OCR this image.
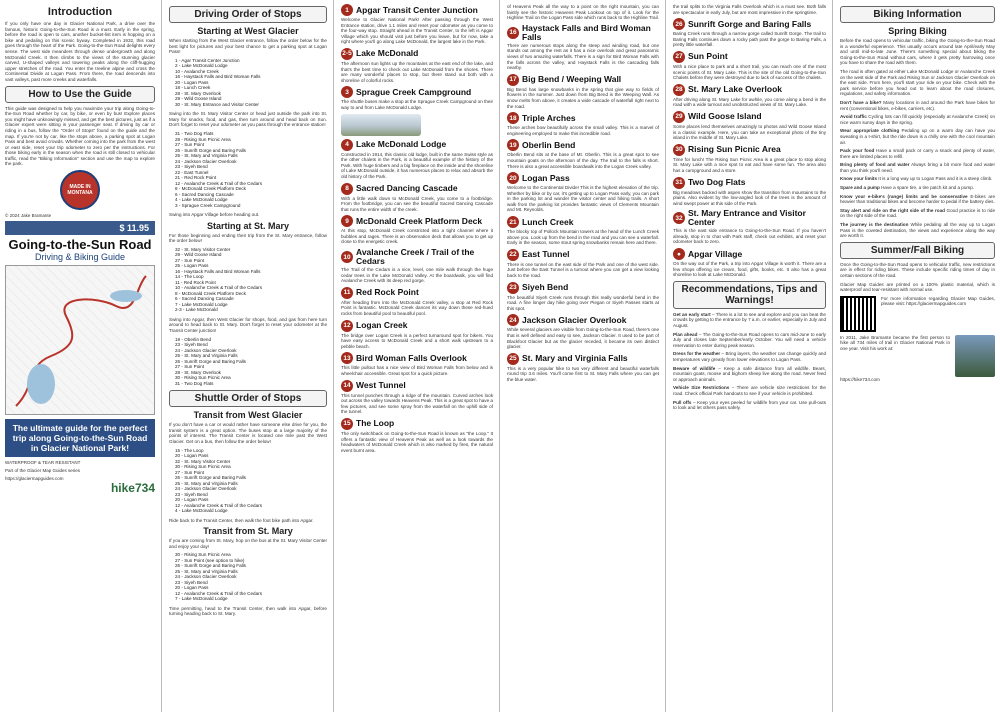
Introduction

If you only have one day in Glacier National Park, a drive over the famous, historic Going-to-the-Sun Road is a must. Early in the spring, before the road is open to cars, another bucket-list item is hopping on a bike and pedaling on this scenic byway. Completed in 1932, this road goes through the heart of the Park. Going-to-the-Sun Road delights every sense. The west side meanders through dense undergrowth and along McDonald Creek. It then climbs to the views of the stunning glacier carved, U-shaped valleys and towering peaks along the cliff-hugging upper stretches of the road. You enter the treeline alpine and cross the Continental Divide at Logan Pass. From there, the road descends into vast valleys, past more creeks and waterfalls.

How to Use the Guide

This guide was designed to help you maximize your trip along Going-to-the-Sun Road whether by car, by bike, or even by bus! Explore places you might have unknowingly missed, and get the best pictures, just as if a Glacier expert were sitting in your passenger seat. If driving by car or riding in a bus, follow the "Order of Stops" found on the guide and the map. If you're not by car, like the stops above, a parking spot at Logan Pass and best avoid crowds. Whether coming into the park from the west or east side, reset your trip odometer to zero per the instructions. For those biking early in the season when the road is still closed to vehicular traffic, read the "Biking Information" section and use the map to explore the park.

MADE IN MONTANA
© 2024 Jake Bramante
$ 11.95
Going-to-the-Sun Road
Driving & Biking Guide
The ultimate guide for the perfect trip along Going-to-the-Sun Road in Glacier National Park!
WATERPROOF & TEAR RESISTANT
Part of the Glacier Map Guides series
https://glaciermapguides.com
hike734
Driving Order of Stops
Starting at West Glacier

When starting from the West Glacier entrance, follow the order below for the best light for pictures and your best chance to get a parking spot at Logan Pass!

1 - Agar Transit Center Junction
2 - Lake McDonald Lodge
10 - Avalanche Creek
16 - Haystack Falls and Bird Woman Falls
20 - Logan Pass
18 - Lunch Creek
28 - St. Mary Overlook
29 - Wild Goose Island
30 - St. Mary Entrance and Visitor Center

Swing into the St. Mary Visitor Center or head just outside the park into St. Mary for snacks, food, and gas, then turn around and head back on Sun. Don't forget to reset your odometer as you pass through the entrance station!

31 - Two Dog Flats
28 - Rising Sun Picnic Area
27 - Sun Point
26 - Sunrift Gorge and Baring Falls
25 - St. Mary and Virginia Falls
24 - Jackson Glacier Overlook
23 - Siyeh Bend
22 - East Tunnel
21 - Red Rock Point
12 - Avalanche Creek & Trail of the Cedars
8 - McDonald Creek Platform Deck
6 - Sacred Dancing Cascade
4 - Lake McDonald Lodge
3 - Sprague Creek Campground

Swing into Apgar Village before heading out.

Starting at St. Mary

For those beginning and ending their trip from the St. Mary entrance, follow the order below!

32 - St. Mary Visitor Center
29 - Wild Goose Island
27 - Sun Point
25 - Logan Pass
16 - Haystack Falls and Bird Woman Falls
14 - The Loop
11 - Red Rock Point
10 - Avalanche Creek & Trail of the Cedars
8 - McDonald Creek Platform Deck
6 - Sacred Dancing Cascade
7 - Lake McDonald Lodge
2-3 - Lake McDonald

Swing into Apgar, then West Glacier for shops, food, and gas from here turn around to head back to St. Mary. Don't forget to reset your odometer at the Transit Center junction!

19 - Oberlin Bend
23 - Siyeh Bend
24 - Jackson Glacier Overlook
25 - St. Mary and Virginia Falls
26 - Sunrift Gorge and Baring Falls
27 - Sun Point
28 - St. Mary Overlook
30 - Rising Sun Picnic Area
31 - Two Dog Flats
Shuttle Order of Stops
Transit from West Glacier

If you don't have a car or would rather have someone else drive for you, the transit system is a great option. The buses stop at a large majority of the points of interest. The Transit Center is located one mile past the West Glacier. Get on a bus, then follow the order below!

15 - The Loop
20 - Logan Pass
32 - St. Mary Visitor Center
30 - Rising Sun Picnic Area
27 - Sun Point
26 - Sunrift Gorge and Baring Falls
25 - St. Mary and Virginia Falls
24 - Jackson Glacier Overlook
23 - Siyeh Bend
20 - Logan Pass
12 - Avalanche Creek & Trail of the Cedars
4 - Lake McDonald Lodge

Ride back to the Transit Center, then walk the foot bike path into Apgar.

Transit from St. Mary

If you are coming from St. Mary, hop on the bus at the St. Mary Visitor Center and enjoy your day!

30 - Rising Sun Picnic Area
27 - Sun Point (see option to hike)
26 - Sunrift Gorge and Baring Falls
25 - St. Mary and Virginia Falls
24 - Jackson Glacier Overlook
23 - Siyeh Bend
20 - Logan Pass
12 - Avalanche Creek & Trail of the Cedars
7 - Lake McDonald Lodge

Time permitting, head to the Transit Center, then walk into Apgar, before turning heading back to St. Mary.

1 Apgar Transit Center Junction

Welcome to Glacier National Park! After passing through the West Entrance station, drive 1.1 miles and reset your odometer as you come to the four-way stop. Straight ahead is the Transit Center, to the left is Apgar Village which you should visit just before you leave, but for now, take a right where you'll go along Lake McDonald, the largest lake in the Park.

2-5 Lake McDonald

The afternoon sun lights up the mountains at the east end of the lake, and that's the best time to check out Lake McDonald from the shores. There are many wonderful places to stop, but there stand out both with a shoreline of colorful rocks.

3 Sprague Creek Campground

The shuttle buses make a stop at the Sprague Creek Campground on their way to and from Lake McDonald Lodge.

4 Lake McDonald Lodge

Constructed in 1914, this classic old lodge, built in the same Swiss style as the other chalets in the Park, is a beautiful example of the history of the Park. With huge timbers and a big fireplace on the inside and the shoreline of Lake McDonald outside, it has numerous places to relax and absorb the old history of the Park.

8 Sacred Dancing Cascade

With a little walk down to McDonald Creek, you come to a footbridge. From the footbridge, you can see the beautiful Sacred Dancing Cascade that runs the entire width of the creek.

9 McDonald Creek Platform Deck

At this stop, McDonald Creek constricted into a tight channel where it bubbles and rages. There is an observation deck that allows you to get up close to the energetic creek.

10 Avalanche Creek / Trail of the Cedars

The Trail of the Cedars is a nice, level, one mile walk through the huge cedar trees in the Lake McDonald Valley. At the boardwalk, you will find Avalanche Creek with its deep red gorge.

11 Red Rock Point

After heading from into the McDonald Creek valley, a stop at Red Rock Point is fantastic. McDonald Creek dances its way down these red-hued rocks from beautiful pool to beautiful pool.

12 Logan Creek

The bridge over Logan Creek is a perfect turnaround spot for bikers. You have easy access to McDonald Creek and a short walk upstream to a pebble beach.

13 Bird Woman Falls Overlook

This little pullout has a nice view of Bird Woman Falls from below and is wheelchair accessible. Great spot for a quick picture.

14 West Tunnel

This tunnel punches through a ridge of the mountain. Curved arches look out across the valley towards Heavens Peak. This is a great spot to have a few pictures, and see some spray from the waterfall on the uphill side of the tunnel.

15 The Loop

The only switchback on Going-to-the-Sun Road is known as "the Loop." It offers a fantastic view of Heavens Peak as well as a look towards the headwaters of McDonald Creek which is also marked by fires, the natural event burnt area.

of Heavens Peak all the way to a point on the right mountain, you can faintly see the historic Heavens Peak Lookout on top of it. Look for the Highline Trail on the Logan Pass side which runs back to the Highline Trail.

16 Haystack Falls and Bird Woman Falls

There are numerous stops along the steep and winding road, but one stands out among the rest as it has a nice overlook and great panoramic views of two amazing waterfalls. There is a sign for Bird Woman Falls with the falls across the valley, and Haystack Falls is the cascading falls nearby.

17 Big Bend / Weeping Wall

Big Bend has large snowbanks in the spring that give way to fields of flowers in the summer. Just down from Big Bend is the Weeping Wall. As snow melts from above, it creates a wide cascade of waterfall right next to the road.

18 Triple Arches

These arches bow beautifully across the small valley. This is a marvel of engineering employed to make this incredible road.

19 Oberlin Bend

Oberlin Bend sits at the base of Mt. Oberlin. This is a great spot to see mountain goats on the afternoon of the day. The trail to the falls is short. There is also a great accessible boardwalk into the Logan Creek valley.

20 Logan Pass

Welcome to the Continental Divide! This is the highest elevation of the trip. Whether by bike or by car, it's getting up to Logan Pass early, you can park in the parking lot and wander the visitor center and hiking trails. A short walk from the parking lot provides fantastic views of Clements Mountain and Mt. Reynolds.

21 Lunch Creek

The blocky top of Pollock Mountain towers at the head of the Lunch Creek above you. Look up from the bend in the road and you can see a waterfall. Early in the season, some stout spring snowbanks remain here and there.

22 East Tunnel

There is one tunnel on the east side of the Park and one of the west side. Just before the East Tunnel is a turnout where you can get a view looking back to the road.

23 Siyeh Bend

The beautiful Siyeh Creek runs through this really wonderful bend in the road. A fine longer day hike going over Piegan or Siyeh Passes starts at this spot.

24 Jackson Glacier Overlook

While several glaciers are visible from Going-to-the-Sun Road, there's one that is well defined and easy to see, Jackson Glacier. It used to be part of Blackfoot Glacier but as the glacier receded, it became its own distinct glacier.

25 St. Mary and Virginia Falls

This is a very popular hike to two very different and beautiful waterfalls round trip 3.6 miles. You'll come first to St. Mary Falls where you can get the blue water.

the trail splits to the Virginia Falls Overlook which is a must see. Both falls are spectacular in early July, but are most impressive in the springtime.

26 Sunrift Gorge and Baring Falls

Baring Creek runs through a narrow gorge called Sunrift Gorge. The trail to Baring Falls continues down a rocky path past the gorge to Baring Falls, a pretty little waterfall.

27 Sun Point

With a nice place to park and a short trail, you can reach one of the most scenic points of St. Mary Lake. This is the site of the old Going-to-the-Sun Chalets before they were destroyed due to lack of success of the chalets.

28 St. Mary Lake Overlook

After driving along St. Mary Lake for awhile, you come along a bend in the road with a wide turnout and unobstructed views of St. Mary Lake.

29 Wild Goose Island

Some places lend themselves amazingly to photos and Wild Goose Island is a classic example. Here, you can take an exceptional photo of the tiny island in the middle of St. Mary Lake.

30 Rising Sun Picnic Area

Time for lunch! The Rising Sun Picnic Area is a great place to stop along St. Mary Lake with a nice spot to eat and have some fun. The area also has a campground and a store.

31 Two Dog Flats

Big meadows backed with aspen show the transition from mountains to the plains. Also evident by the low-angled look of the trees is the amount of wind swept power at this side of the Park.

32 St. Mary Entrance and Visitor Center

This is the east side entrance to Going-to-the-Sun Road. If you haven't already, stop in to chat with Park staff, check out exhibits, and reset your odometer back to zero.

● Apgar Village

On the way out of the Park, a trip into Apgar Village is worth it. There are a few shops offering ice cream, food, gifts, books, etc. It also has a great shoreline to look at Lake McDonald.

Recommendations, Tips and Warnings!

Get an early start – There is a lot to see and explore and you can beat the crowds by getting to the entrance by 7 a.m. or earlier, especially in July and August.

Plan ahead – The Going-to-the-Sun Road opens to cars mid-June to early July and closes late September/early October. You will need a vehicle reservation to enter during peak season.

Dress for the weather – Bring layers, the weather can change quickly and temperatures vary greatly from lower elevations to Logan Pass.

Beware of wildlife – Keep a safe distance from all wildlife. Bears, mountain goats, moose and bighorn sheep live along the road. Never feed or approach animals.

Vehicle Size Restrictions – There are vehicle size restrictions for the road. Check official Park handouts to see if your vehicle is prohibited.

Pull offs – Keep your eyes peeled for wildlife from your car. Use pull-outs to look and let others pass safely.

Biking Information
Spring Biking

Before the road opens to vehicular traffic, biking the Going-to-the-Sun Road is a wonderful experience. This usually occurs around late April/early May and until mid-to-late June. There's something special about biking the Going-to-the-Sun Road without cars, where it gets pretty harrowing once you have to share the road with them.

The road is often gated at either Lake McDonald Lodge or Avalanche Creek on the west side of the Park and Rising Sun or Jackson Glacier Overlook on the east side. From here, you'll start your ride on your bike. Check with the park service before you head out to learn about the road closures, regulations, and safety information.

Don't have a bike? Many locations in and around the Park have bikes for rent (conventional bikes, e-bikes, carriers, etc).

Avoid traffic Cycling lots can fill quickly (especially at Avalanche Creek) on nice warm sunny days in the spring.

Wear appropriate clothing Pedaling up on a warm day can have you sweating in a t-shirt, but the ride down is a chilly one with the cool mountain air.

Pack your food Have a small pack or carry a snack and plenty of water, there are limited places to refill.

Bring plenty of food and water Always bring a bit more food and water than you think you'll need.

Know your limits It is a long way up to Logan Pass and it is a steep climb.

Spare and a pump Have a spare tire, a tire patch kit and a pump.

Know your e-bike's (range) limits and be conservative E-bikes are heavier than traditional bikes and become harder to pedal if the battery dies.

Stay alert and ride on the right side of the road Good practice is to ride on the right side of the road.

The journey is the destination While pedaling all the way up to Logan Pass is the coveted destination, the views and experience along the way are worth it.

Summer/Fall Biking

Once the Going-to-the-Sun Road opens to vehicular traffic, new restrictions are in effect for riding bikes. These include specific riding times of day in certain sections of the road.

Glacier Map Guides are printed on a 100% plastic material, which is waterproof and tear-resistant with normal use.

For more information regarding Glacier Map Guides, please visit: https://glaciermapguides.com

In 2011, Jake Bramante became the first person to hike all 734 miles of trail in Glacier National Park in one year. Visit his work at:

https://hike734.com
